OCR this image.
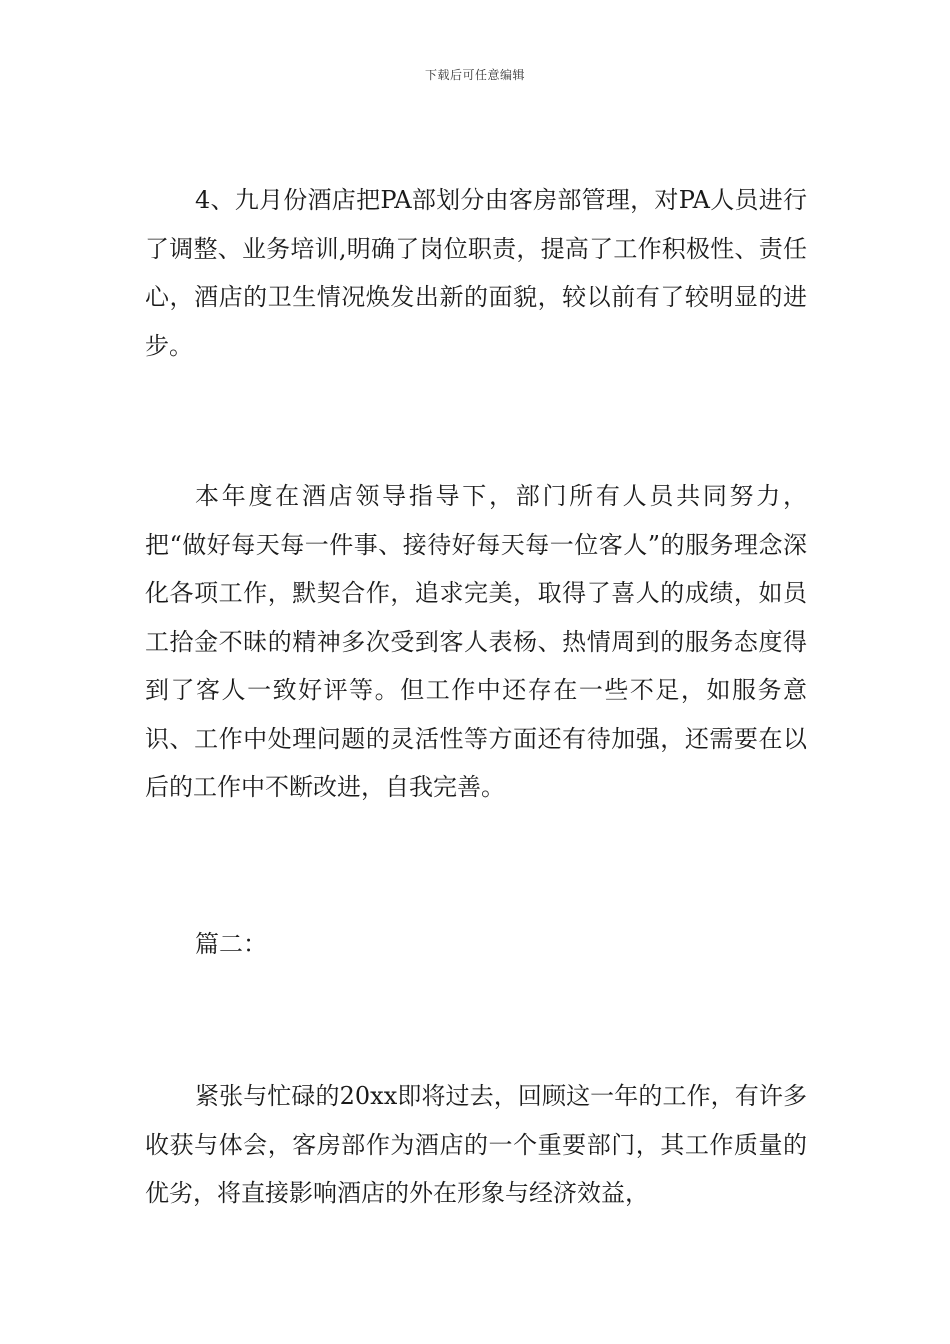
下载后可任意编辑

4、九月份酒店把PA部划分由客房部管理，对PA人员进行了调整、业务培训,明确了岗位职责，提高了工作积极性、责任心，酒店的卫生情况焕发出新的面貌，较以前有了较明显的进步。

本年度在酒店领导指导下，部门所有人员共同努力，把“做好每天每一件事、接待好每天每一位客人”的服务理念深化各项工作，默契合作，追求完美，取得了喜人的成绩，如员工拾金不昧的精神多次受到客人表杨、热情周到的服务态度得到了客人一致好评等。但工作中还存在一些不足，如服务意识、工作中处理问题的灵活性等方面还有待加强，还需要在以后的工作中不断改进，自我完善。

篇二：

紧张与忙碌的20xx即将过去，回顾这一年的工作，有许多收获与体会，客房部作为酒店的一个重要部门，其工作质量的优劣，将直接影响酒店的外在形象与经济效益，
